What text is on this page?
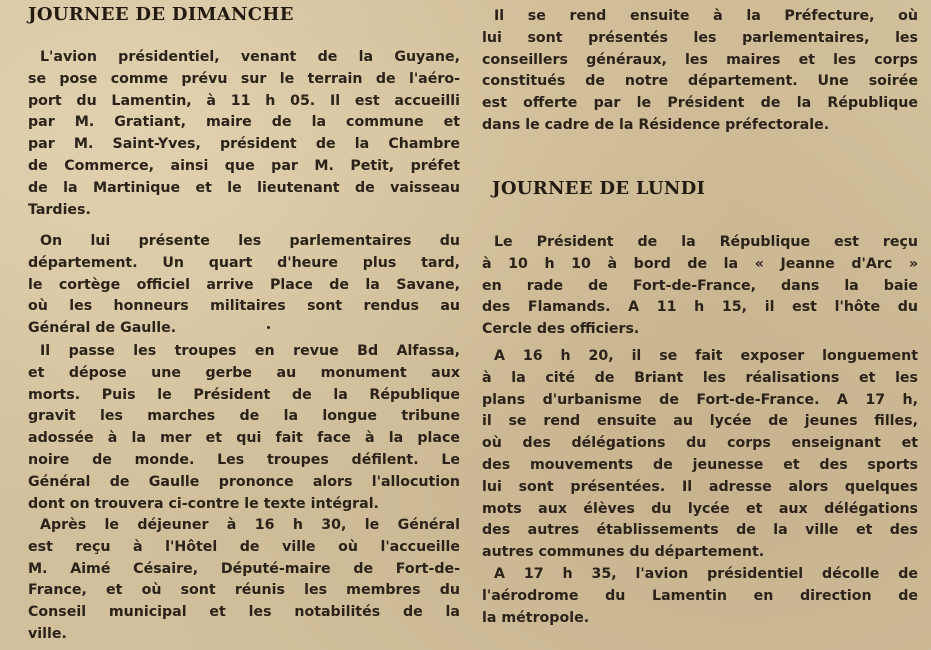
JOURNEE DE DIMANCHE
L'avion présidentiel, venant de la Guyane,
se pose comme prévu sur le terrain de l'aéro-
port du Lamentin, à 11 h 05. Il est accueilli
par M. Gratiant, maire de la commune et
par M. Saint-Yves, président de la Chambre
de Commerce, ainsi que par M. Petit, préfet
de la Martinique et le lieutenant de vaisseau
Tardies.
On lui présente les parlementaires du
département. Un quart d'heure plus tard,
le cortège officiel arrive Place de la Savane,
où les honneurs militaires sont rendus au
Général de Gaulle.
Il passe les troupes en revue Bd Alfassa,
et dépose une gerbe au monument aux
morts. Puis le Président de la République
gravit les marches de la longue tribune
adossée à la mer et qui fait face à la place
noire de monde. Les troupes défilent. Le
Général de Gaulle prononce alors l'allocution
dont on trouvera ci-contre le texte intégral.
Après le déjeuner à 16 h 30, le Général
est reçu à l'Hôtel de ville où l'accueille
M. Aimé Césaire, Député-maire de Fort-de-
France, et où sont réunis les membres du
Conseil municipal et les notabilités de la
ville.
Il se rend ensuite à la Préfecture, où
lui sont présentés les parlementaires, les
conseillers généraux, les maires et les corps
constitués de notre département. Une soirée
est offerte par le Président de la République
dans le cadre de la Résidence préfectorale.
JOURNEE DE LUNDI
Le Président de la République est reçu
à 10 h 10 à bord de la « Jeanne d'Arc »
en rade de Fort-de-France, dans la baie
des Flamands. A 11 h 15, il est l'hôte du
Cercle des officiers.
A 16 h 20, il se fait exposer longuement
à la cité de Briant les réalisations et les
plans d'urbanisme de Fort-de-France. A 17 h,
il se rend ensuite au lycée de jeunes filles,
où des délégations du corps enseignant et
des mouvements de jeunesse et des sports
lui sont présentées. Il adresse alors quelques
mots aux élèves du lycée et aux délégations
des autres établissements de la ville et des
autres communes du département.
A 17 h 35, l'avion présidentiel décolle de
l'aérodrome du Lamentin en direction de
la métropole.
